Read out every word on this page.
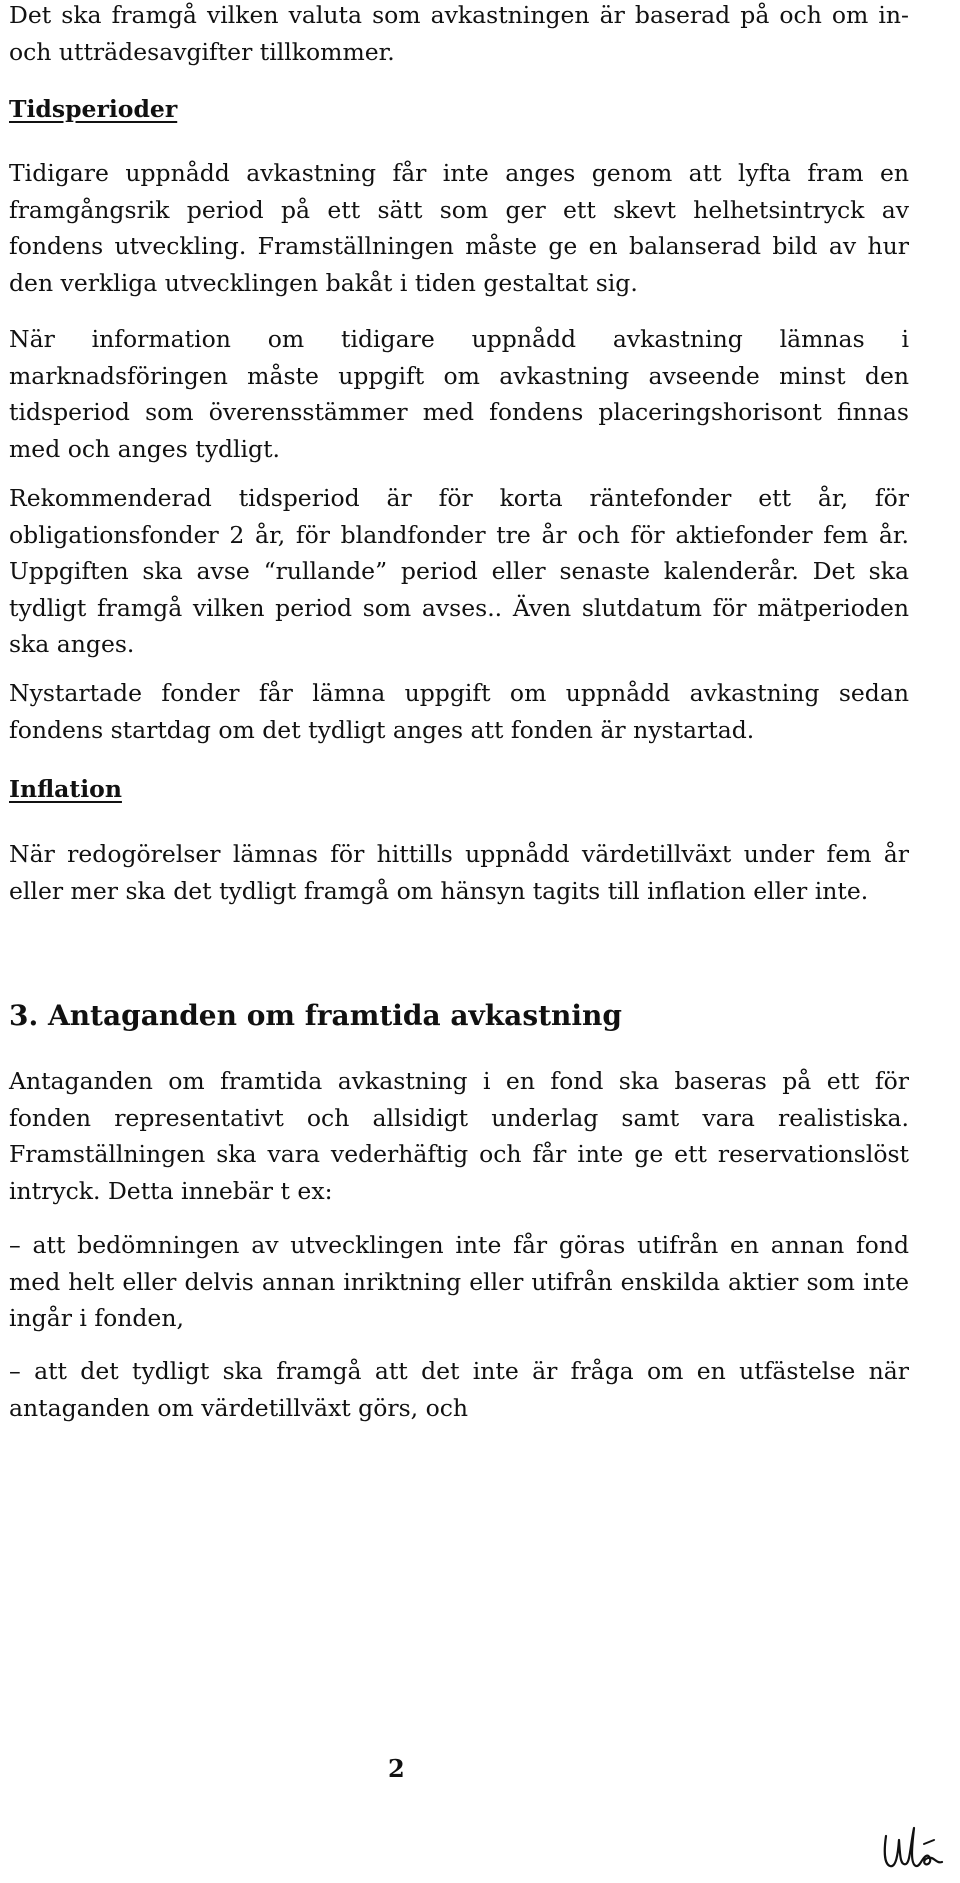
Det ska framgå vilken valuta som avkastningen är baserad på och om in- och utträdesavgifter tillkommer.

Tidsperioder

Tidigare uppnådd avkastning får inte anges genom att lyfta fram en framgångsrik period på ett sätt som ger ett skevt helhetsintryck av fondens utveckling. Framställningen måste ge en balanserad bild av hur den verkliga utvecklingen bakåt i tiden gestaltat sig.

När information om tidigare uppnådd avkastning lämnas i marknadsföringen måste uppgift om avkastning avseende minst den tidsperiod som överensstämmer med fondens placeringshorisont finnas med och anges tydligt.

Rekommenderad tidsperiod är för korta räntefonder ett år, för obligationsfonder 2 år, för blandfonder tre år och för aktiefonder fem år. Uppgiften ska avse “rullande” period eller senaste kalenderår. Det ska tydligt framgå vilken period som avses.. Även slutdatum för mätperioden ska anges.

Nystartade fonder får lämna uppgift om uppnådd avkastning sedan fondens startdag om det tydligt anges att fonden är nystartad.

Inflation

När redogörelser lämnas för hittills uppnådd värdetillväxt under fem år eller mer ska det tydligt framgå om hänsyn tagits till inflation eller inte.

3. Antaganden om framtida avkastning

Antaganden om framtida avkastning i en fond ska baseras på ett för fonden representativt och allsidigt underlag samt vara realistiska. Framställningen ska vara vederhäftig och får inte ge ett reservationslöst intryck. Detta innebär t ex:

– att bedömningen av utvecklingen inte får göras utifrån en annan fond med helt eller delvis annan inriktning eller utifrån enskilda aktier som inte ingår i fonden,

– att det tydligt ska framgå att det inte är fråga om en utfästelse när antaganden om värdetillväxt görs, och

2
